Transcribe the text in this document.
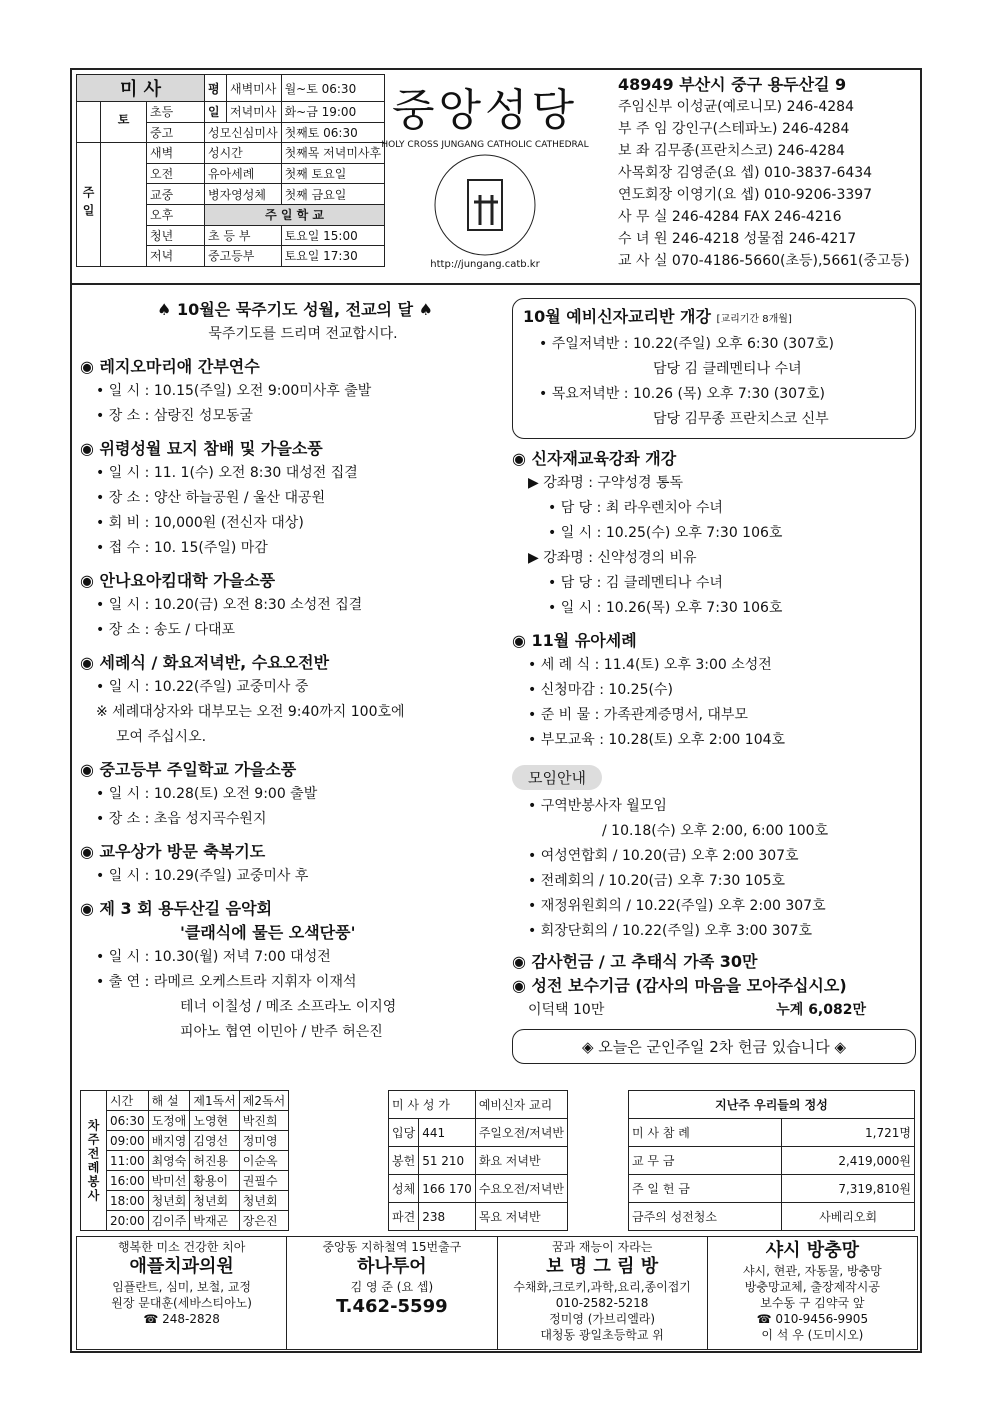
미 사			평	새벽미사	월~토 06:30
	토	초등	일	저녁미사	화~금 19:00
		중고	성모신심미사		첫째토 06:30
주일		새벽	성시간		첫째목 저녁미사후
		오전	유아세례		첫째 토요일
		교중	병자영성체		첫째 금요일
		오후	주 일 학 교		
		청년	초 등 부		토요일 15:00
		저녁	중고등부		토요일 17:30
중앙성당
HOLY CROSS JUNGANG CATHOLIC CATHEDRAL
http://jungang.catb.kr
48949 부산시 중구 용두산길 9
주임신부 이성균(예로니모) 246-4284
부 주 임 강인구(스테파노) 246-4284
보 좌 김무종(프란치스코) 246-4284
사목회장 김영준(요 셉) 010-3837-6434
연도회장 이영기(요 셉) 010-9206-3397
사 무 실 246-4284 FAX 246-4216
수 녀 원 246-4218 성물점 246-4217
교 사 실 070-4186-5660(초등),5661(중고등)
♠ 10월은 묵주기도 성월, 전교의 달 ♠
묵주기도를 드리며 전교합시다.
◉ 레지오마리애 간부연수
• 일 시 : 10.15(주일) 오전 9:00미사후 출발
• 장 소 : 삼랑진 성모동굴
◉ 위령성월 묘지 참배 및 가을소풍
• 일 시 : 11. 1(수) 오전 8:30 대성전 집결
• 장 소 : 양산 하늘공원 / 울산 대공원
• 회 비 : 10,000원 (전신자 대상)
• 접 수 : 10. 15(주일) 마감
◉ 안나요아킴대학 가을소풍
• 일 시 : 10.20(금) 오전 8:30 소성전 집결
• 장 소 : 송도 / 다대포
◉ 세례식 / 화요저녁반, 수요오전반
• 일 시 : 10.22(주일) 교중미사 중
※ 세례대상자와 대부모는 오전 9:40까지 100호에
모여 주십시오.
◉ 중고등부 주일학교 가을소풍
• 일 시 : 10.28(토) 오전 9:00 출발
• 장 소 : 초읍 성지곡수원지
◉ 교우상가 방문 축복기도
• 일 시 : 10.29(주일) 교중미사 후
◉ 제 3 회 용두산길 음악회
'클래식에 물든 오색단풍'
• 일 시 : 10.30(월) 저녁 7:00 대성전
• 출 연 : 라메르 오케스트라 지휘자 이재석
테너 이칠성 / 메조 소프라노 이지영
피아노 협연 이민아 / 반주 허은진
10월 예비신자교리반 개강 [교리기간 8개월]
• 주일저녁반 : 10.22(주일) 오후 6:30 (307호)
담당 김 클레멘티나 수녀
• 목요저녁반 : 10.26 (목) 오후 7:30 (307호)
담당 김무종 프란치스코 신부
◉ 신자재교육강좌 개강
▶ 강좌명 : 구약성경 통독
• 담 당 : 최 라우렌치아 수녀
• 일 시 : 10.25(수) 오후 7:30 106호
▶ 강좌명 : 신약성경의 비유
• 담 당 : 김 클레멘티나 수녀
• 일 시 : 10.26(목) 오후 7:30 106호
◉ 11월 유아세례
• 세 례 식 : 11.4(토) 오후 3:00 소성전
• 신청마감 : 10.25(수)
• 준 비 물 : 가족관계증명서, 대부모
• 부모교육 : 10.28(토) 오후 2:00 104호
모임안내
• 구역반봉사자 월모임
/ 10.18(수) 오후 2:00, 6:00 100호
• 여성연합회 / 10.20(금) 오후 2:00 307호
• 전례회의 / 10.20(금) 오후 7:30 105호
• 재정위원회의 / 10.22(주일) 오후 2:00 307호
• 회장단회의 / 10.22(주일) 오후 3:00 307호
◉ 감사헌금 / 고 추태식 가족 30만
◉ 성전 보수기금 (감사의 마음을 모아주십시오)
이덕택 10만	누계 6,082만
◈ 오늘은 군인주일 2차 헌금 있습니다 ◈
차주전례봉사	시간	해 설	제1독서	제2독서
	06:30	도정애	노영현	박진희
	09:00	배지영	김영선	정미영
	11:00	최영숙	허진용	이순옥
	16:00	박미선	황용이	권필수
	18:00	청년회	청년회	청년회
	20:00	김이주	박재곤	장은진
미 사 성 가		예비신자 교리
입당	441	주일오전/저녁반
봉헌	51 210	화요 저녁반
성체	166 170	수요오전/저녁반
파견	238	목요 저녁반
지난주 우리들의 정성	
미 사 참 례	1,721명
교 무 금	2,419,000원
주 일 헌 금	7,319,810원
금주의 성전청소	사베리오회
행복한 미소 건강한 치아
애플치과의원
임플란트, 심미, 보철, 교정
원장 문대훈(세바스티아노)
☎ 248-2828
중앙동 지하철역 15번출구
하나투어
김 영 준 (요 셉)
T.462-5599
꿈과 재능이 자라는
보 명 그 림 방
수채화,크로키,과학,요리,종이접기
010-2582-5218
정미영 (가브리엘라)
대청동 광일초등학교 위
샤시 방충망
샤시, 현관, 자동물, 방충망
방충망교체, 출장제작시공
보수동 구 김약국 앞
☎ 010-9456-9905
이 석 우 (도미시오)
